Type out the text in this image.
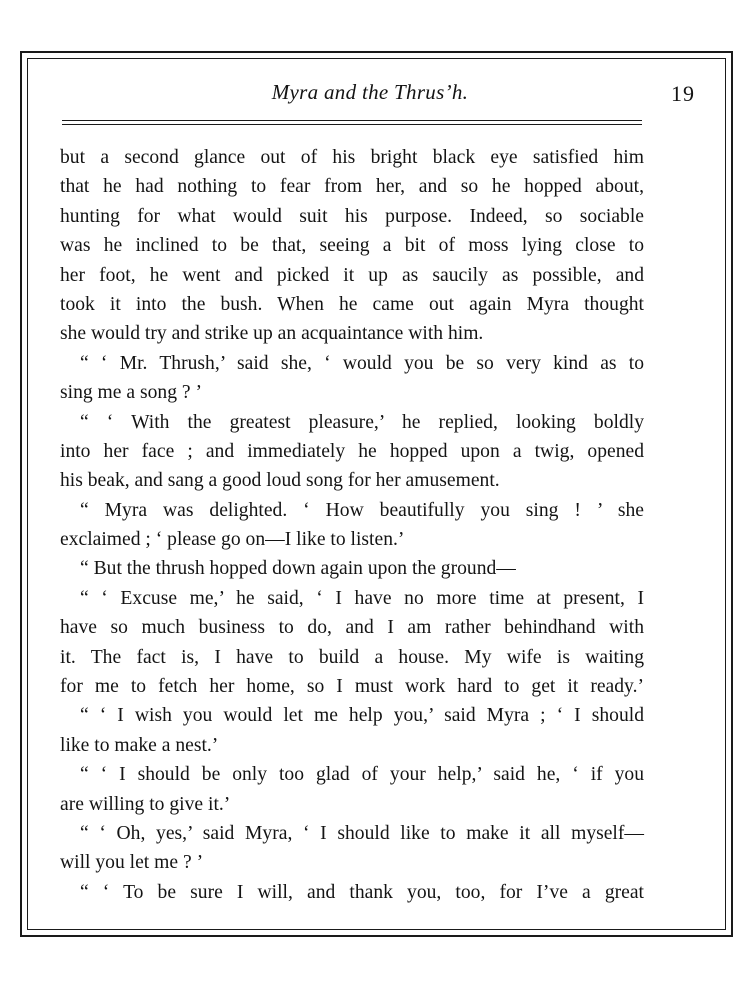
Myra and the Thrusʼh.	19
but a second glance out of his bright black eye satisfied him
that he had nothing to fear from her, and so he hopped about,
hunting for what would suit his purpose. Indeed, so sociable
was he inclined to be that, seeing a bit of moss lying close to
her foot, he went and picked it up as saucily as possible, and
took it into the bush. When he came out again Myra thought
she would try and strike up an acquaintance with him.
“ ‘ Mr. Thrush,’ said she, ‘ would you be so very kind as to
sing me a song ? ’
“ ‘ With the greatest pleasure,’ he replied, looking boldly
into her face ; and immediately he hopped upon a twig, opened
his beak, and sang a good loud song for her amusement.
“ Myra was delighted. ‘ How beautifully you sing ! ’ she
exclaimed ; ‘ please go on—I like to listen.’
“ But the thrush hopped down again upon the ground—
“ ‘ Excuse me,’ he said, ‘ I have no more time at present, I
have so much business to do, and I am rather behindhand with
it. The fact is, I have to build a house. My wife is waiting
for me to fetch her home, so I must work hard to get it ready.’
“ ‘ I wish you would let me help you,’ said Myra ; ‘ I should
like to make a nest.’
“ ‘ I should be only too glad of your help,’ said he, ‘ if you
are willing to give it.’
“ ‘ Oh, yes,’ said Myra, ‘ I should like to make it all myself—
will you let me ? ’
“ ‘ To be sure I will, and thank you, too, for I’ve a great
